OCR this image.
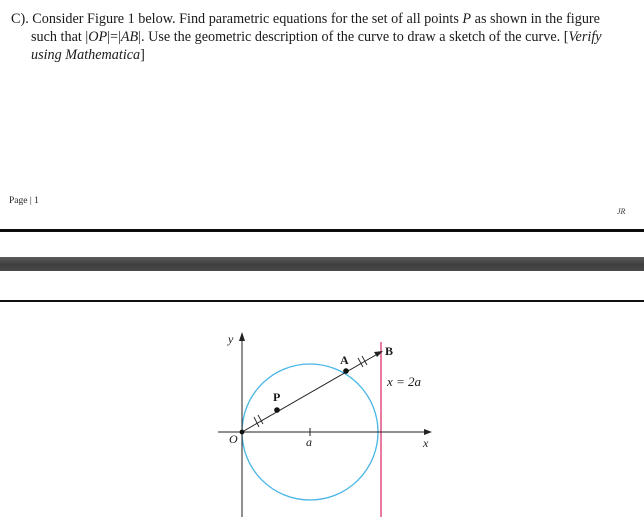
C). Consider Figure 1 below. Find parametric equations for the set of all points P as shown in the figure
such that |OP|=|AB|. Use the geometric description of the curve to draw a sketch of the curve. [Verify
using Mathematica]
Page | 1
JR
y
x
O	a
P
A
B
x = 2a
